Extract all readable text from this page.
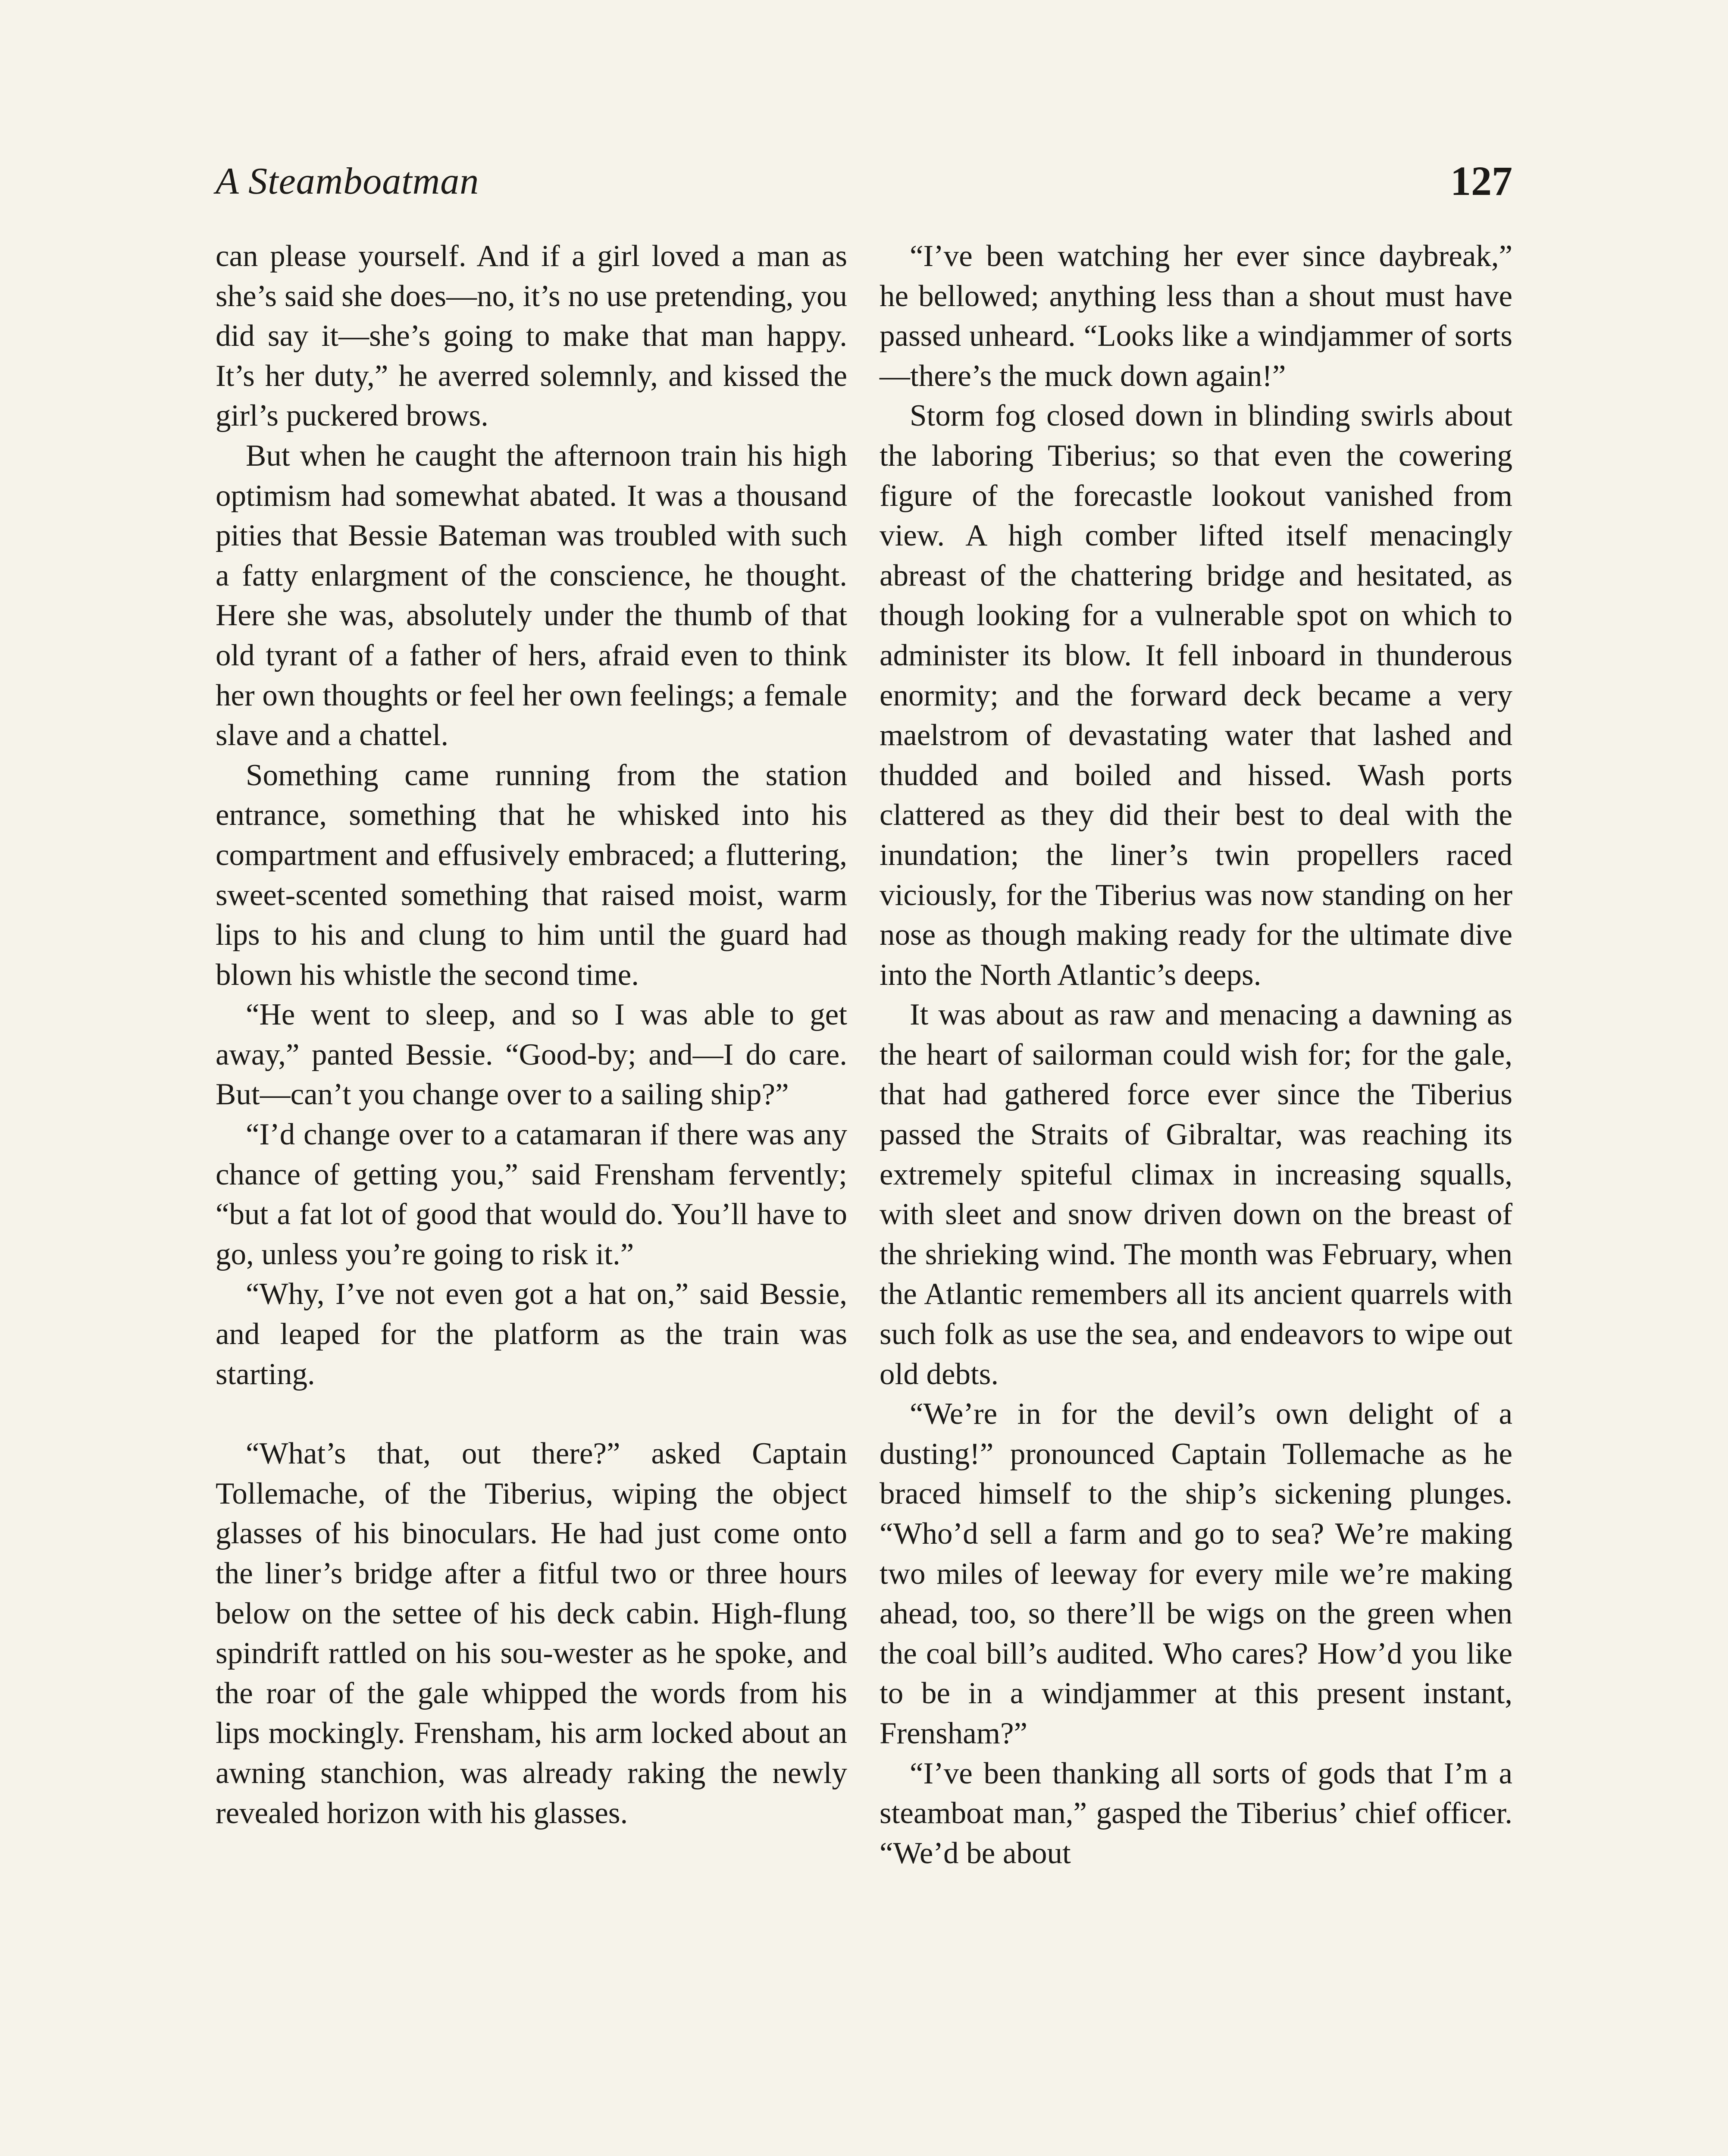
A Steamboatman	127

can please yourself. And if a girl loved a man as she’s said she does—no, it’s no use pretending, you did say it—she’s going to make that man happy. It’s her duty,” he averred solemnly, and kissed the girl’s puckered brows.

But when he caught the afternoon train his high optimism had somewhat abated. It was a thousand pities that Bessie Bateman was troubled with such a fatty enlargment of the conscience, he thought. Here she was, absolutely under the thumb of that old tyrant of a father of hers, afraid even to think her own thoughts or feel her own feelings; a female slave and a chattel.

Something came running from the station entrance, something that he whisked into his compartment and effusively embraced; a fluttering, sweet-scented something that raised moist, warm lips to his and clung to him until the guard had blown his whistle the second time.

“He went to sleep, and so I was able to get away,” panted Bessie. “Good-by; and—I do care. But—can’t you change over to a sailing ship?”

“I’d change over to a catamaran if there was any chance of getting you,” said Frensham fervently; “but a fat lot of good that would do. You’ll have to go, unless you’re going to risk it.”

“Why, I’ve not even got a hat on,” said Bessie, and leaped for the platform as the train was starting.

“What’s that, out there?” asked Captain Tollemache, of the Tiberius, wiping the object glasses of his binoculars. He had just come onto the liner’s bridge after a fitful two or three hours below on the settee of his deck cabin. High-flung spindrift rattled on his sou-wester as he spoke, and the roar of the gale whipped the words from his lips mockingly. Frensham, his arm locked about an awning stanchion, was already raking the newly revealed horizon with his glasses.

“I’ve been watching her ever since daybreak,” he bellowed; anything less than a shout must have passed unheard. “Looks like a windjammer of sorts—there’s the muck down again!”

Storm fog closed down in blinding swirls about the laboring Tiberius; so that even the cowering figure of the forecastle lookout vanished from view. A high comber lifted itself menacingly abreast of the chattering bridge and hesitated, as though looking for a vulnerable spot on which to administer its blow. It fell inboard in thunderous enormity; and the forward deck became a very maelstrom of devastating water that lashed and thudded and boiled and hissed. Wash ports clattered as they did their best to deal with the inundation; the liner’s twin propellers raced viciously, for the Tiberius was now standing on her nose as though making ready for the ultimate dive into the North Atlantic’s deeps.

It was about as raw and menacing a dawning as the heart of sailorman could wish for; for the gale, that had gathered force ever since the Tiberius passed the Straits of Gibraltar, was reaching its extremely spiteful climax in increasing squalls, with sleet and snow driven down on the breast of the shrieking wind. The month was February, when the Atlantic remembers all its ancient quarrels with such folk as use the sea, and endeavors to wipe out old debts.

“We’re in for the devil’s own delight of a dusting!” pronounced Captain Tollemache as he braced himself to the ship’s sickening plunges. “Who’d sell a farm and go to sea? We’re making two miles of leeway for every mile we’re making ahead, too, so there’ll be wigs on the green when the coal bill’s audited. Who cares? How’d you like to be in a windjammer at this present instant, Frensham?”

“I’ve been thanking all sorts of gods that I’m a steamboat man,” gasped the Tiberius’ chief officer. “We’d be about
